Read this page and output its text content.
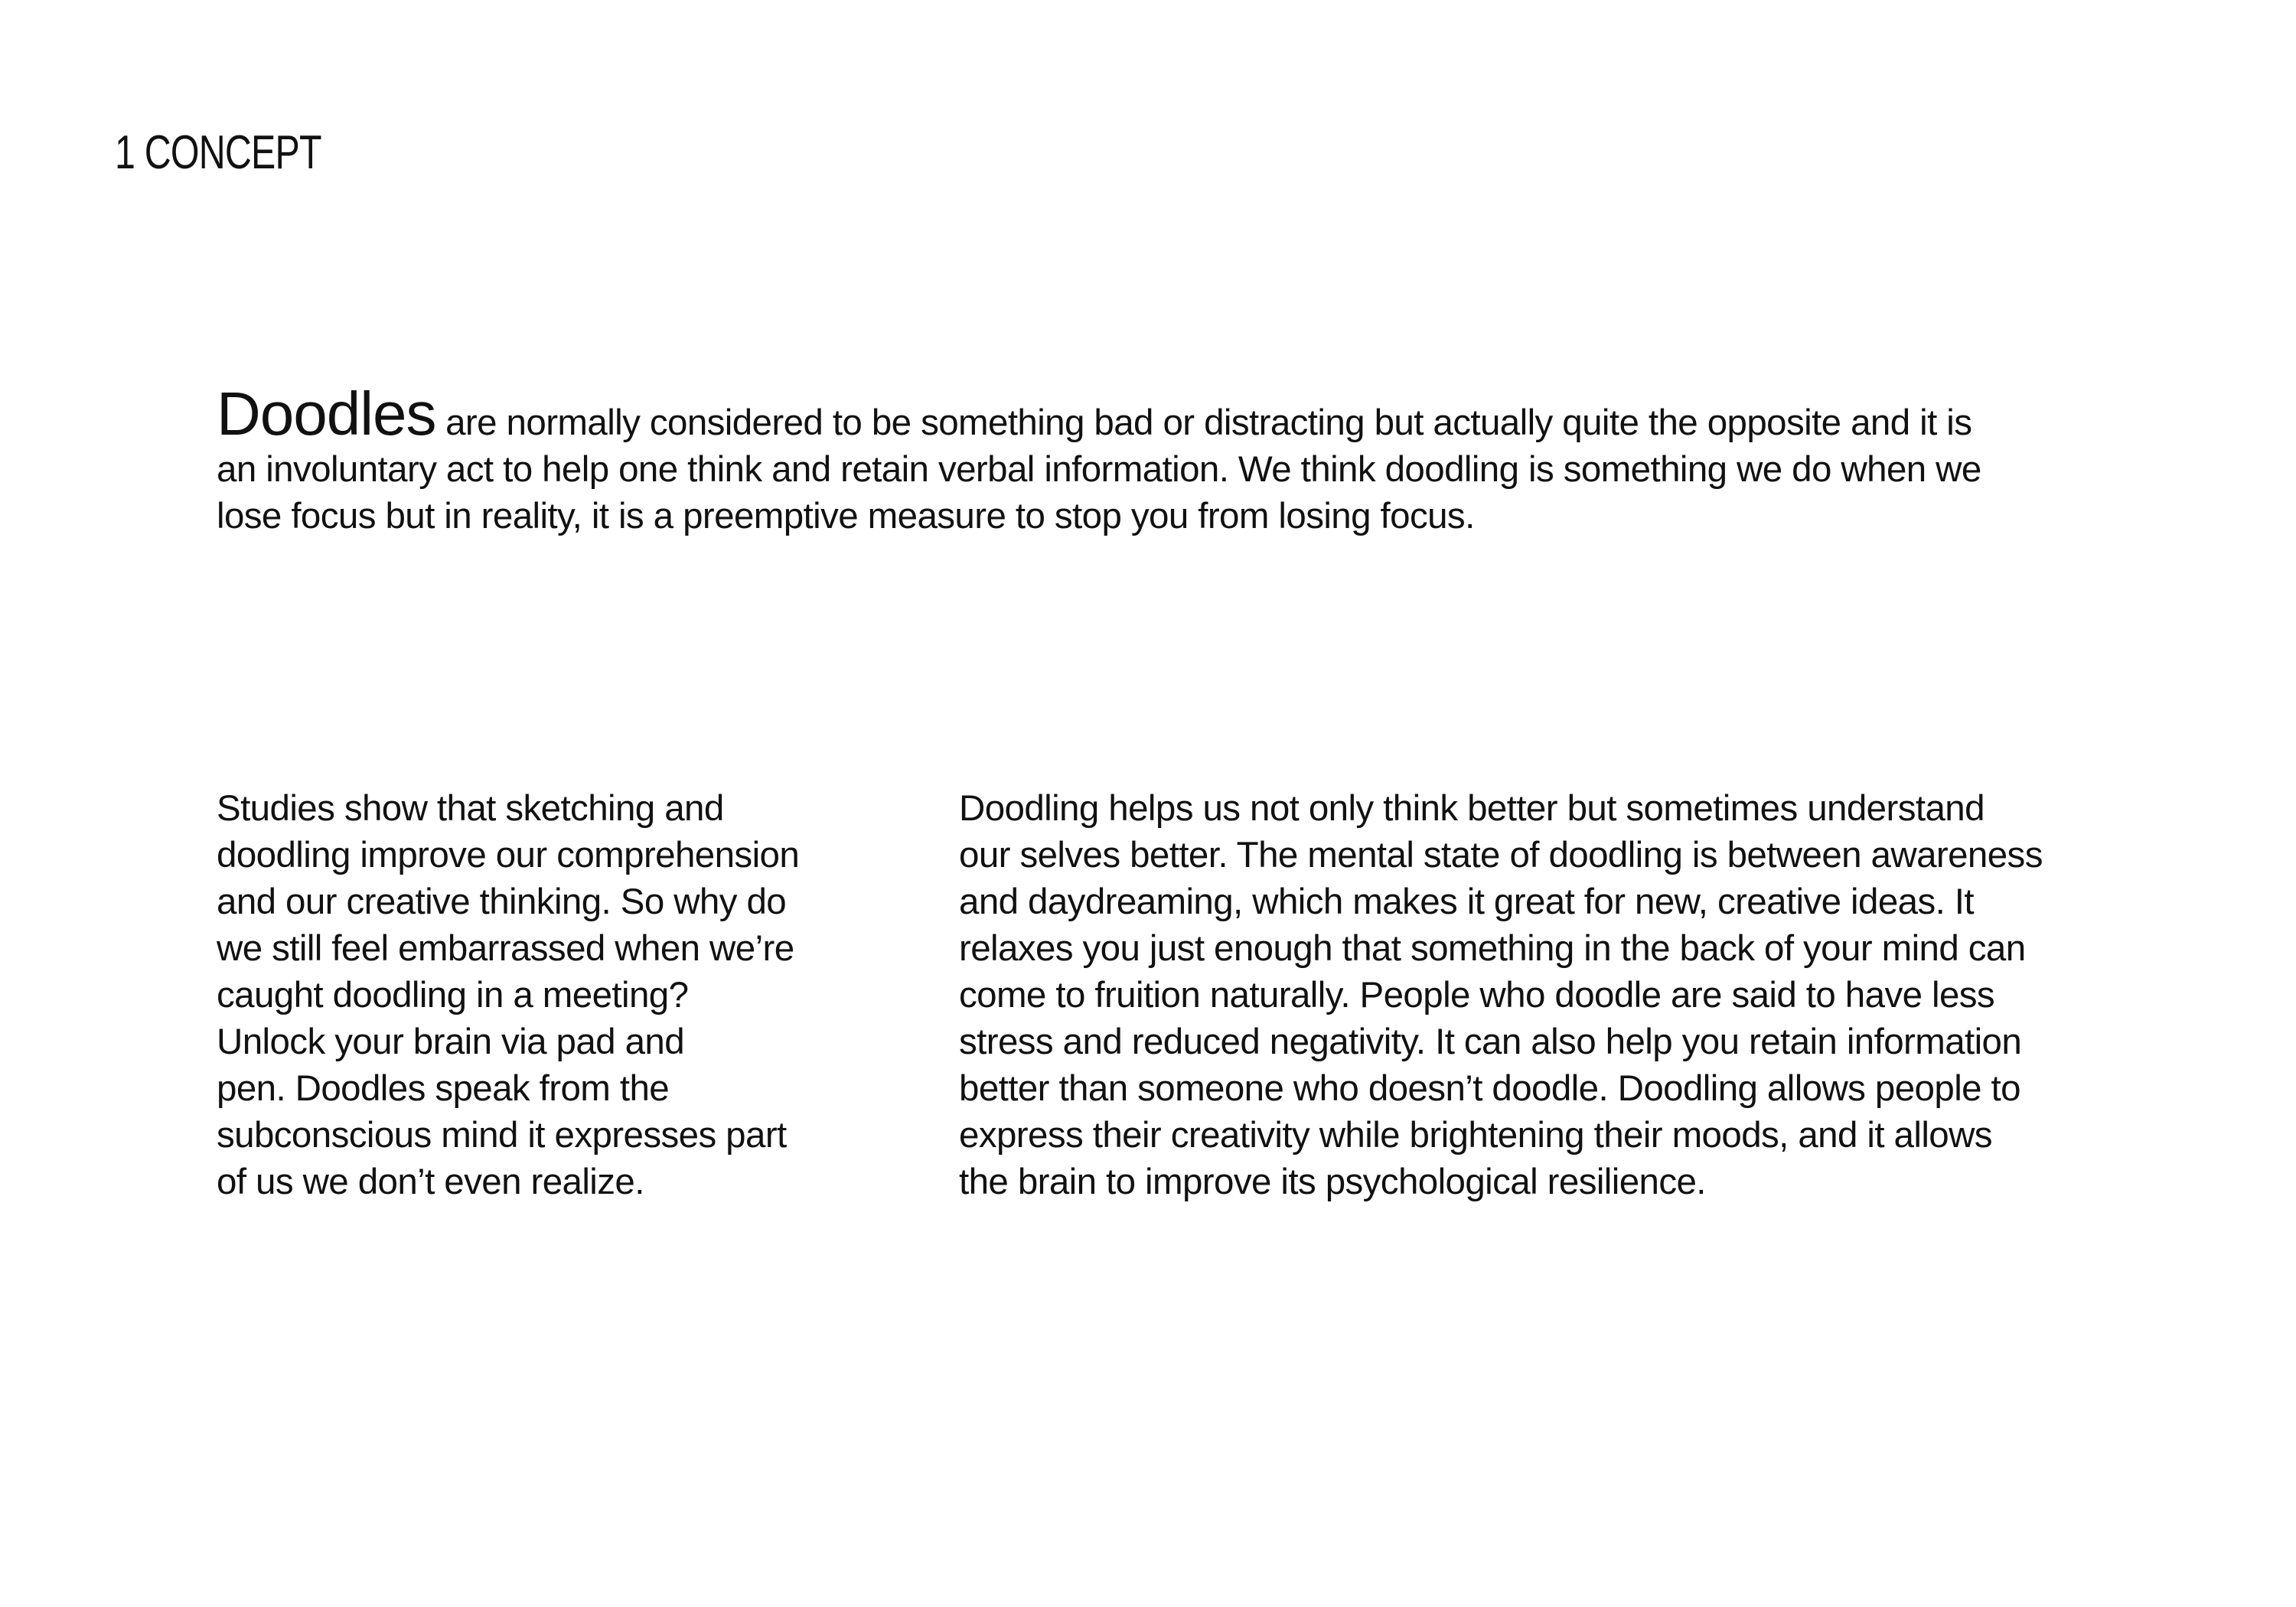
1 CONCEPT

Doodles are normally considered to be something bad or distracting but actually quite the opposite and it is
an involuntary act to help one think and retain verbal information. We think doodling is something we do when we
lose focus but in reality, it is a preemptive measure to stop you from losing focus.

Studies show that sketching and
doodling improve our comprehension
and our creative thinking. So why do
we still feel embarrassed when we’re
caught doodling in a meeting?
Unlock your brain via pad and
pen. Doodles speak from the
subconscious mind it expresses part
of us we don’t even realize.

Doodling helps us not only think better but sometimes understand
our selves better. The mental state of doodling is between awareness
and daydreaming, which makes it great for new, creative ideas. It
relaxes you just enough that something in the back of your mind can
come to fruition naturally. People who doodle are said to have less
stress and reduced negativity. It can also help you retain information
better than someone who doesn’t doodle. Doodling allows people to
express their creativity while brightening their moods, and it allows
the brain to improve its psychological resilience.
